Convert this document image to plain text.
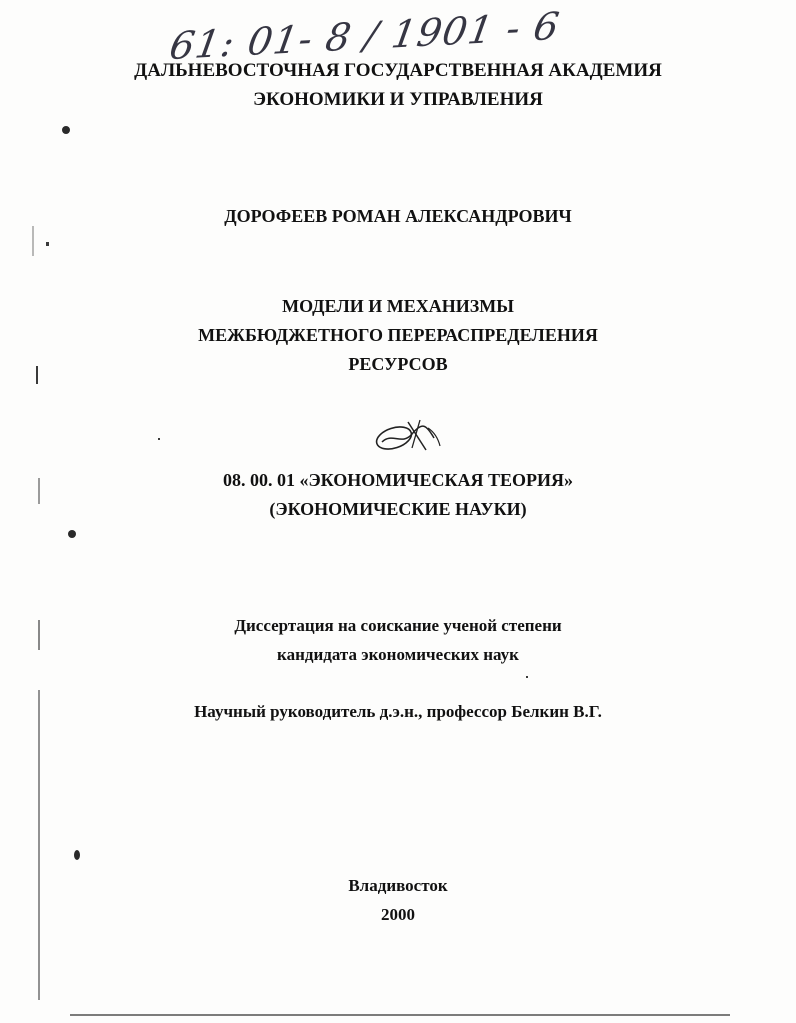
61: 01- 8 / 1901 - 6
ДАЛЬНЕВОСТОЧНАЯ ГОСУДАРСТВЕННАЯ АКАДЕМИЯ
ЭКОНОМИКИ И УПРАВЛЕНИЯ
ДОРОФЕЕВ РОМАН АЛЕКСАНДРОВИЧ
МОДЕЛИ И МЕХАНИЗМЫ
МЕЖБЮДЖЕТНОГО ПЕРЕРАСПРЕДЕЛЕНИЯ
РЕСУРСОВ
08. 00. 01 «ЭКОНОМИЧЕСКАЯ ТЕОРИЯ»
(ЭКОНОМИЧЕСКИЕ НАУКИ)
Диссертация на соискание ученой степени
кандидата экономических наук
Научный руководитель д.э.н., профессор Белкин В.Г.
Владивосток
2000
